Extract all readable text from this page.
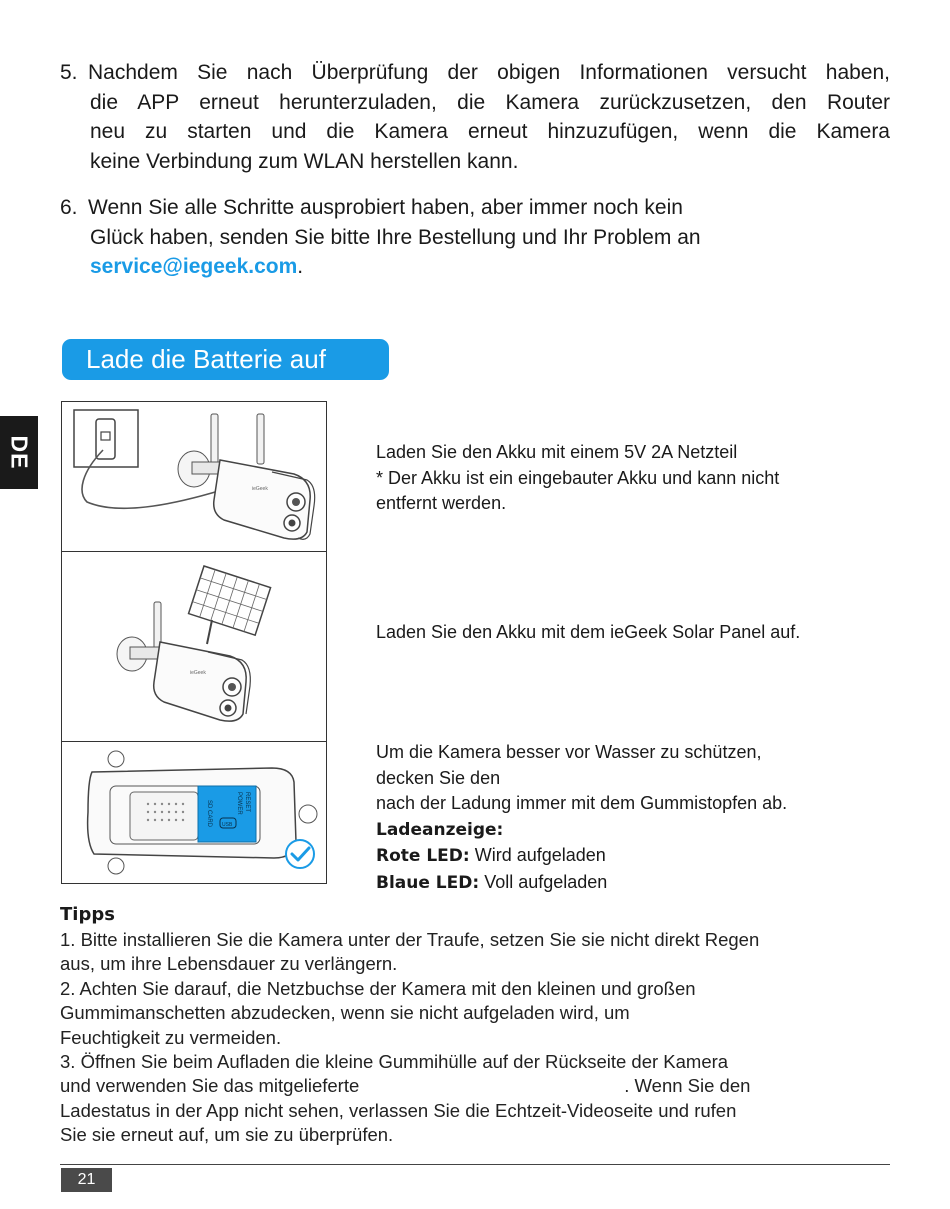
5. Nachdem Sie nach Überprüfung der obigen Informationen versucht haben,
die APP erneut herunterzuladen, die Kamera zurückzusetzen, den Router
neu zu starten und die Kamera erneut hinzuzufügen, wenn die Kamera
keine Verbindung zum WLAN herstellen kann.
6. Wenn Sie alle Schritte ausprobiert haben, aber immer noch kein
Glück haben, senden Sie bitte Ihre Bestellung und Ihr Problem an
service@iegeek.com.
Lade die Batterie auf
DE
ieGeek
ieGeek
SD CARD	POWER
USB
RESET
Laden Sie den Akku mit einem 5V 2A Netzteil
* Der Akku ist ein eingebauter Akku und kann nicht
entfernt werden.
Laden Sie den Akku mit dem ieGeek Solar Panel auf.
Um die Kamera besser vor Wasser zu schützen,
decken Sie den
nach der Ladung immer mit dem Gummistopfen ab.
Ladeanzeige:
Rote LED: Wird aufgeladen
Blaue LED: Voll aufgeladen
Tipps
1. Bitte installieren Sie die Kamera unter der Traufe, setzen Sie sie nicht direkt Regen
aus, um ihre Lebensdauer zu verlängern.
2. Achten Sie darauf, die Netzbuchse der Kamera mit den kleinen und großen
Gummimanschetten abzudecken, wenn sie nicht aufgeladen wird, um
Feuchtigkeit zu vermeiden.
3. Öffnen Sie beim Aufladen die kleine Gummihülle auf der Rückseite der Kamera
und verwenden Sie das mitgelieferte	. Wenn Sie den
Ladestatus in der App nicht sehen, verlassen Sie die Echtzeit-Videoseite und rufen
Sie sie erneut auf, um sie zu überprüfen.
21
